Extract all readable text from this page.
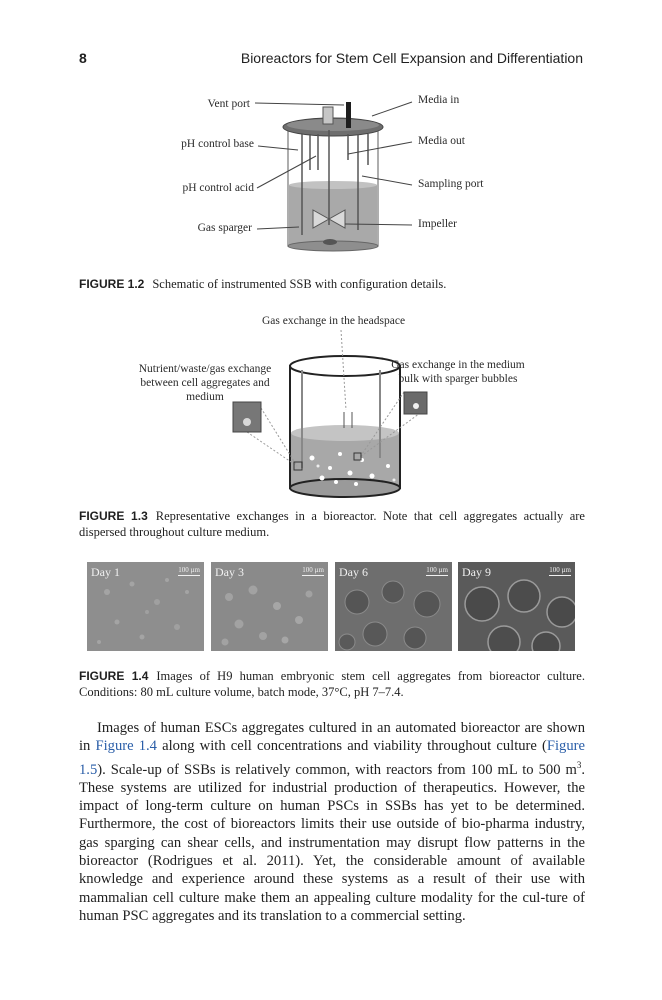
8	Bioreactors for Stem Cell Expansion and Differentiation
Vent port
pH control base
pH control acid
Gas sparger
Media in
Media out
Sampling port
Impeller
FIGURE 1.2 Schematic of instrumented SSB with configuration details.
Gas exchange in the headspace
Nutrient/waste/gas exchange
between cell aggregates and
medium
Gas exchange in the medium
bulk with sparger bubbles
FIGURE 1.3 Representative exchanges in a bioreactor. Note that cell aggregates actually are dispersed throughout culture medium.
Day 1	100 µm Day 3	100 µm Day 6	100 µm Day 9	100 µm
FIGURE 1.4 Images of H9 human embryonic stem cell aggregates from bioreactor culture. Conditions: 80 mL culture volume, batch mode, 37°C, pH 7–7.4.

Images of human ESCs aggregates cultured in an automated bioreactor are shown in Figure 1.4 along with cell concentrations and viability throughout culture (Figure 1.5). Scale-up of SSBs is relatively common, with reactors from 100 mL to 500 $m^3$. These systems are utilized for industrial production of therapeutics. However, the impact of long-term culture on human PSCs in SSBs has yet to be determined. Furthermore, the cost of bioreactors limits their use outside of bio-pharma industry, gas sparging can shear cells, and instrumentation may disrupt flow patterns in the bioreactor (Rodrigues et al. 2011). Yet, the considerable amount of available knowledge and experience around these systems as a result of their use with mammalian cell culture make them an appealing culture modality for the cul-ture of human PSC aggregates and its translation to a commercial setting.
